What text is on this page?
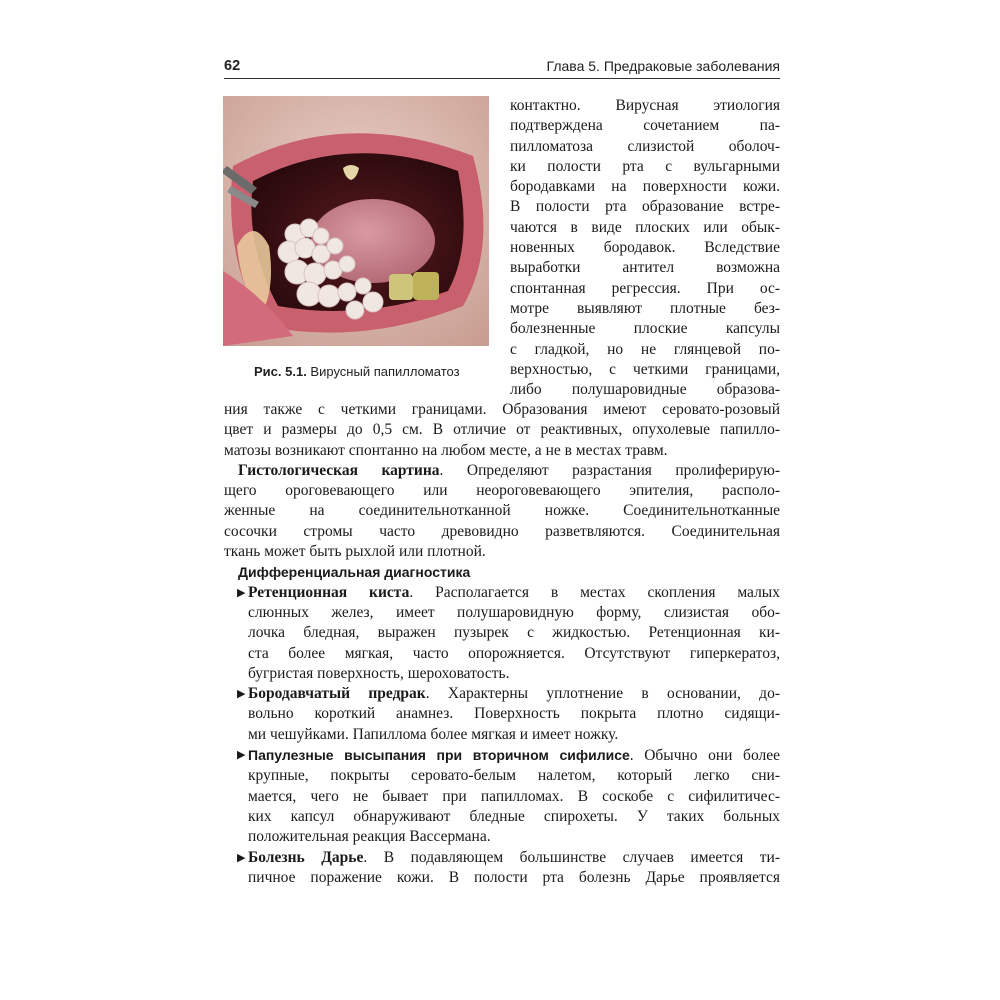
62	Глава 5. Предраковые заболевания
Рис. 5.1. Вирусный папилломатоз
контактно. Вирусная этиология
подтверждена сочетанием па-
пилломатоза слизистой оболоч-
ки полости рта с вульгарными
бородавками на поверхности кожи.
В полости рта образование встре-
чаются в виде плоских или обык-
новенных бородавок. Вследствие
выработки антител возможна
спонтанная регрессия. При ос-
мотре выявляют плотные без-
болезненные плоские капсулы
с гладкой, но не глянцевой по-
верхностью, с четкими границами,
либо полушаровидные образова-
ния также с четкими границами. Образования имеют серовато-розовый
цвет и размеры до 0,5 см. В отличие от реактивных, опухолевые папилло-
матозы возникают спонтанно на любом месте, а не в местах травм.
Гистологическая картина. Определяют разрастания пролиферирую-
щего ороговевающего или неороговевающего эпителия, располо-
женные на соединительнотканной ножке. Соединительнотканные
сосочки стромы часто древовидно разветвляются. Соединительная
ткань может быть рыхлой или плотной.
Дифференциальная диагностика
▶ Ретенционная киста. Располагается в местах скопления малых
слюнных желез, имеет полушаровидную форму, слизистая обо-
лочка бледная, выражен пузырек с жидкостью. Ретенционная ки-
ста более мягкая, часто опорожняется. Отсутствуют гиперкератоз,
бугристая поверхность, шероховатость.
▶ Бородавчатый предрак. Характерны уплотнение в основании, до-
вольно короткий анамнез. Поверхность покрыта плотно сидящи-
ми чешуйками. Папиллома более мягкая и имеет ножку.
▶ Папулезные высыпания при вторичном сифилисе. Обычно они более
крупные, покрыты серовато-белым налетом, который легко сни-
мается, чего не бывает при папилломах. В соскобе с сифилитичес-
ких капсул обнаруживают бледные спирохеты. У таких больных
положительная реакция Вассермана.
▶ Болезнь Дарье. В подавляющем большинстве случаев имеется ти-
пичное поражение кожи. В полости рта болезнь Дарье проявляется
